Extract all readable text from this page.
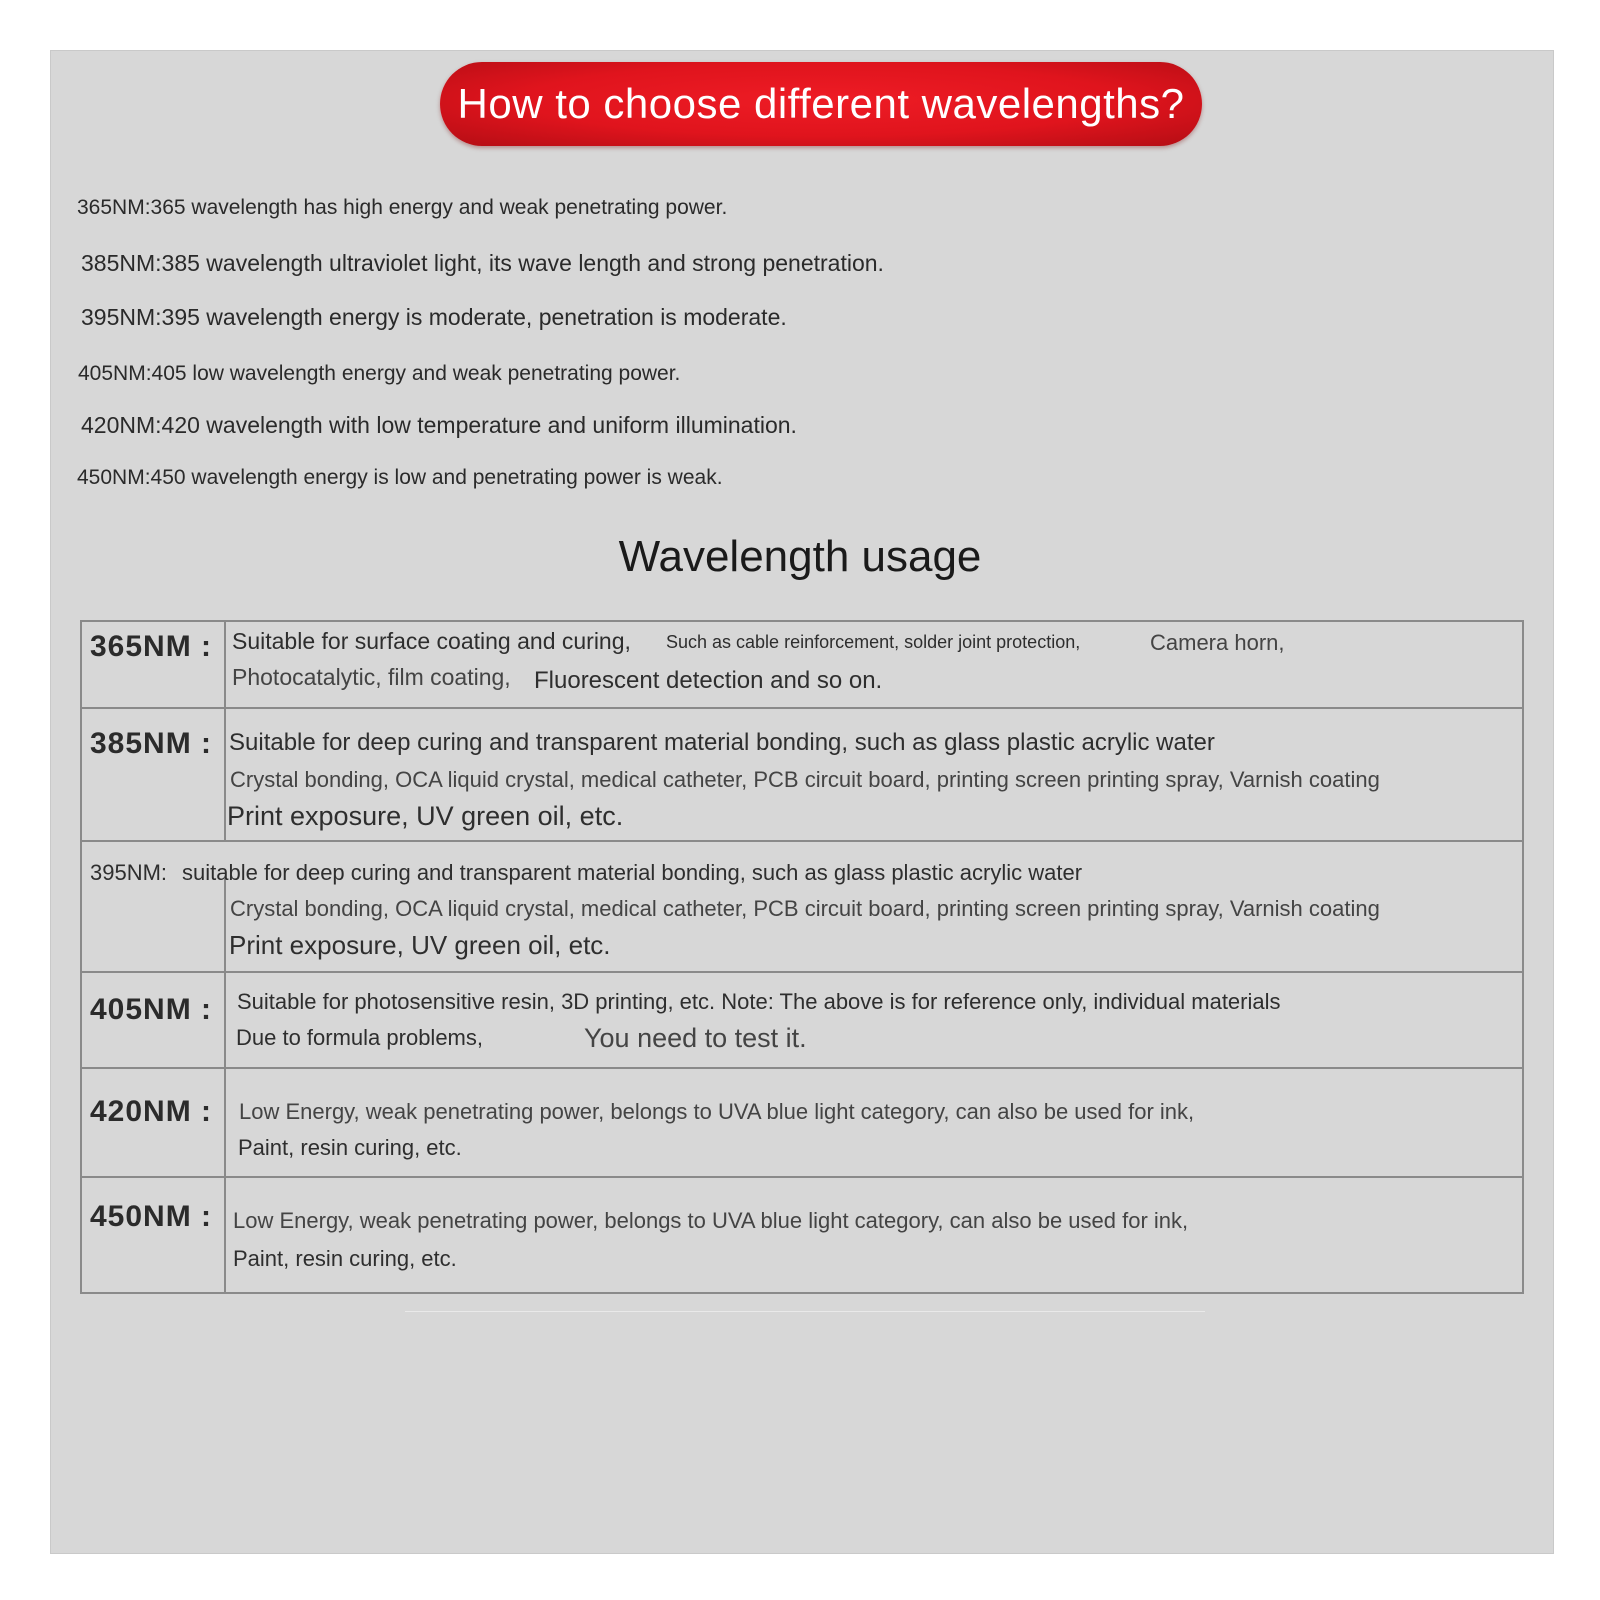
How to choose different wavelengths?
365NM:365 wavelength has high energy and weak penetrating power.
385NM:385 wavelength ultraviolet light, its wave length and strong penetration.
395NM:395 wavelength energy is moderate, penetration is moderate.
405NM:405 low wavelength energy and weak penetrating power.
420NM:420 wavelength with low temperature and uniform illumination.
450NM:450 wavelength energy is low and penetrating power is weak.
Wavelength usage
365NM : Suitable for surface coating and curing, Such as cable reinforcement, solder joint protection,	Camera horn,
Photocatalytic, film coating, Fluorescent detection and so on.
385NM : Suitable for deep curing and transparent material bonding, such as glass plastic acrylic water
Crystal bonding, OCA liquid crystal, medical catheter, PCB circuit board, printing screen printing spray, Varnish coating
Print exposure, UV green oil, etc.
395NM: suitable for deep curing and transparent material bonding, such as glass plastic acrylic water
Crystal bonding, OCA liquid crystal, medical catheter, PCB circuit board, printing screen printing spray, Varnish coating
Print exposure, UV green oil, etc.
405NM : Suitable for photosensitive resin, 3D printing, etc. Note: The above is for reference only, individual materials
Due to formula problems,	You need to test it.
420NM : Low Energy, weak penetrating power, belongs to UVA blue light category, can also be used for ink,
Paint, resin curing, etc.
450NM : Low Energy, weak penetrating power, belongs to UVA blue light category, can also be used for ink,
Paint, resin curing, etc.
